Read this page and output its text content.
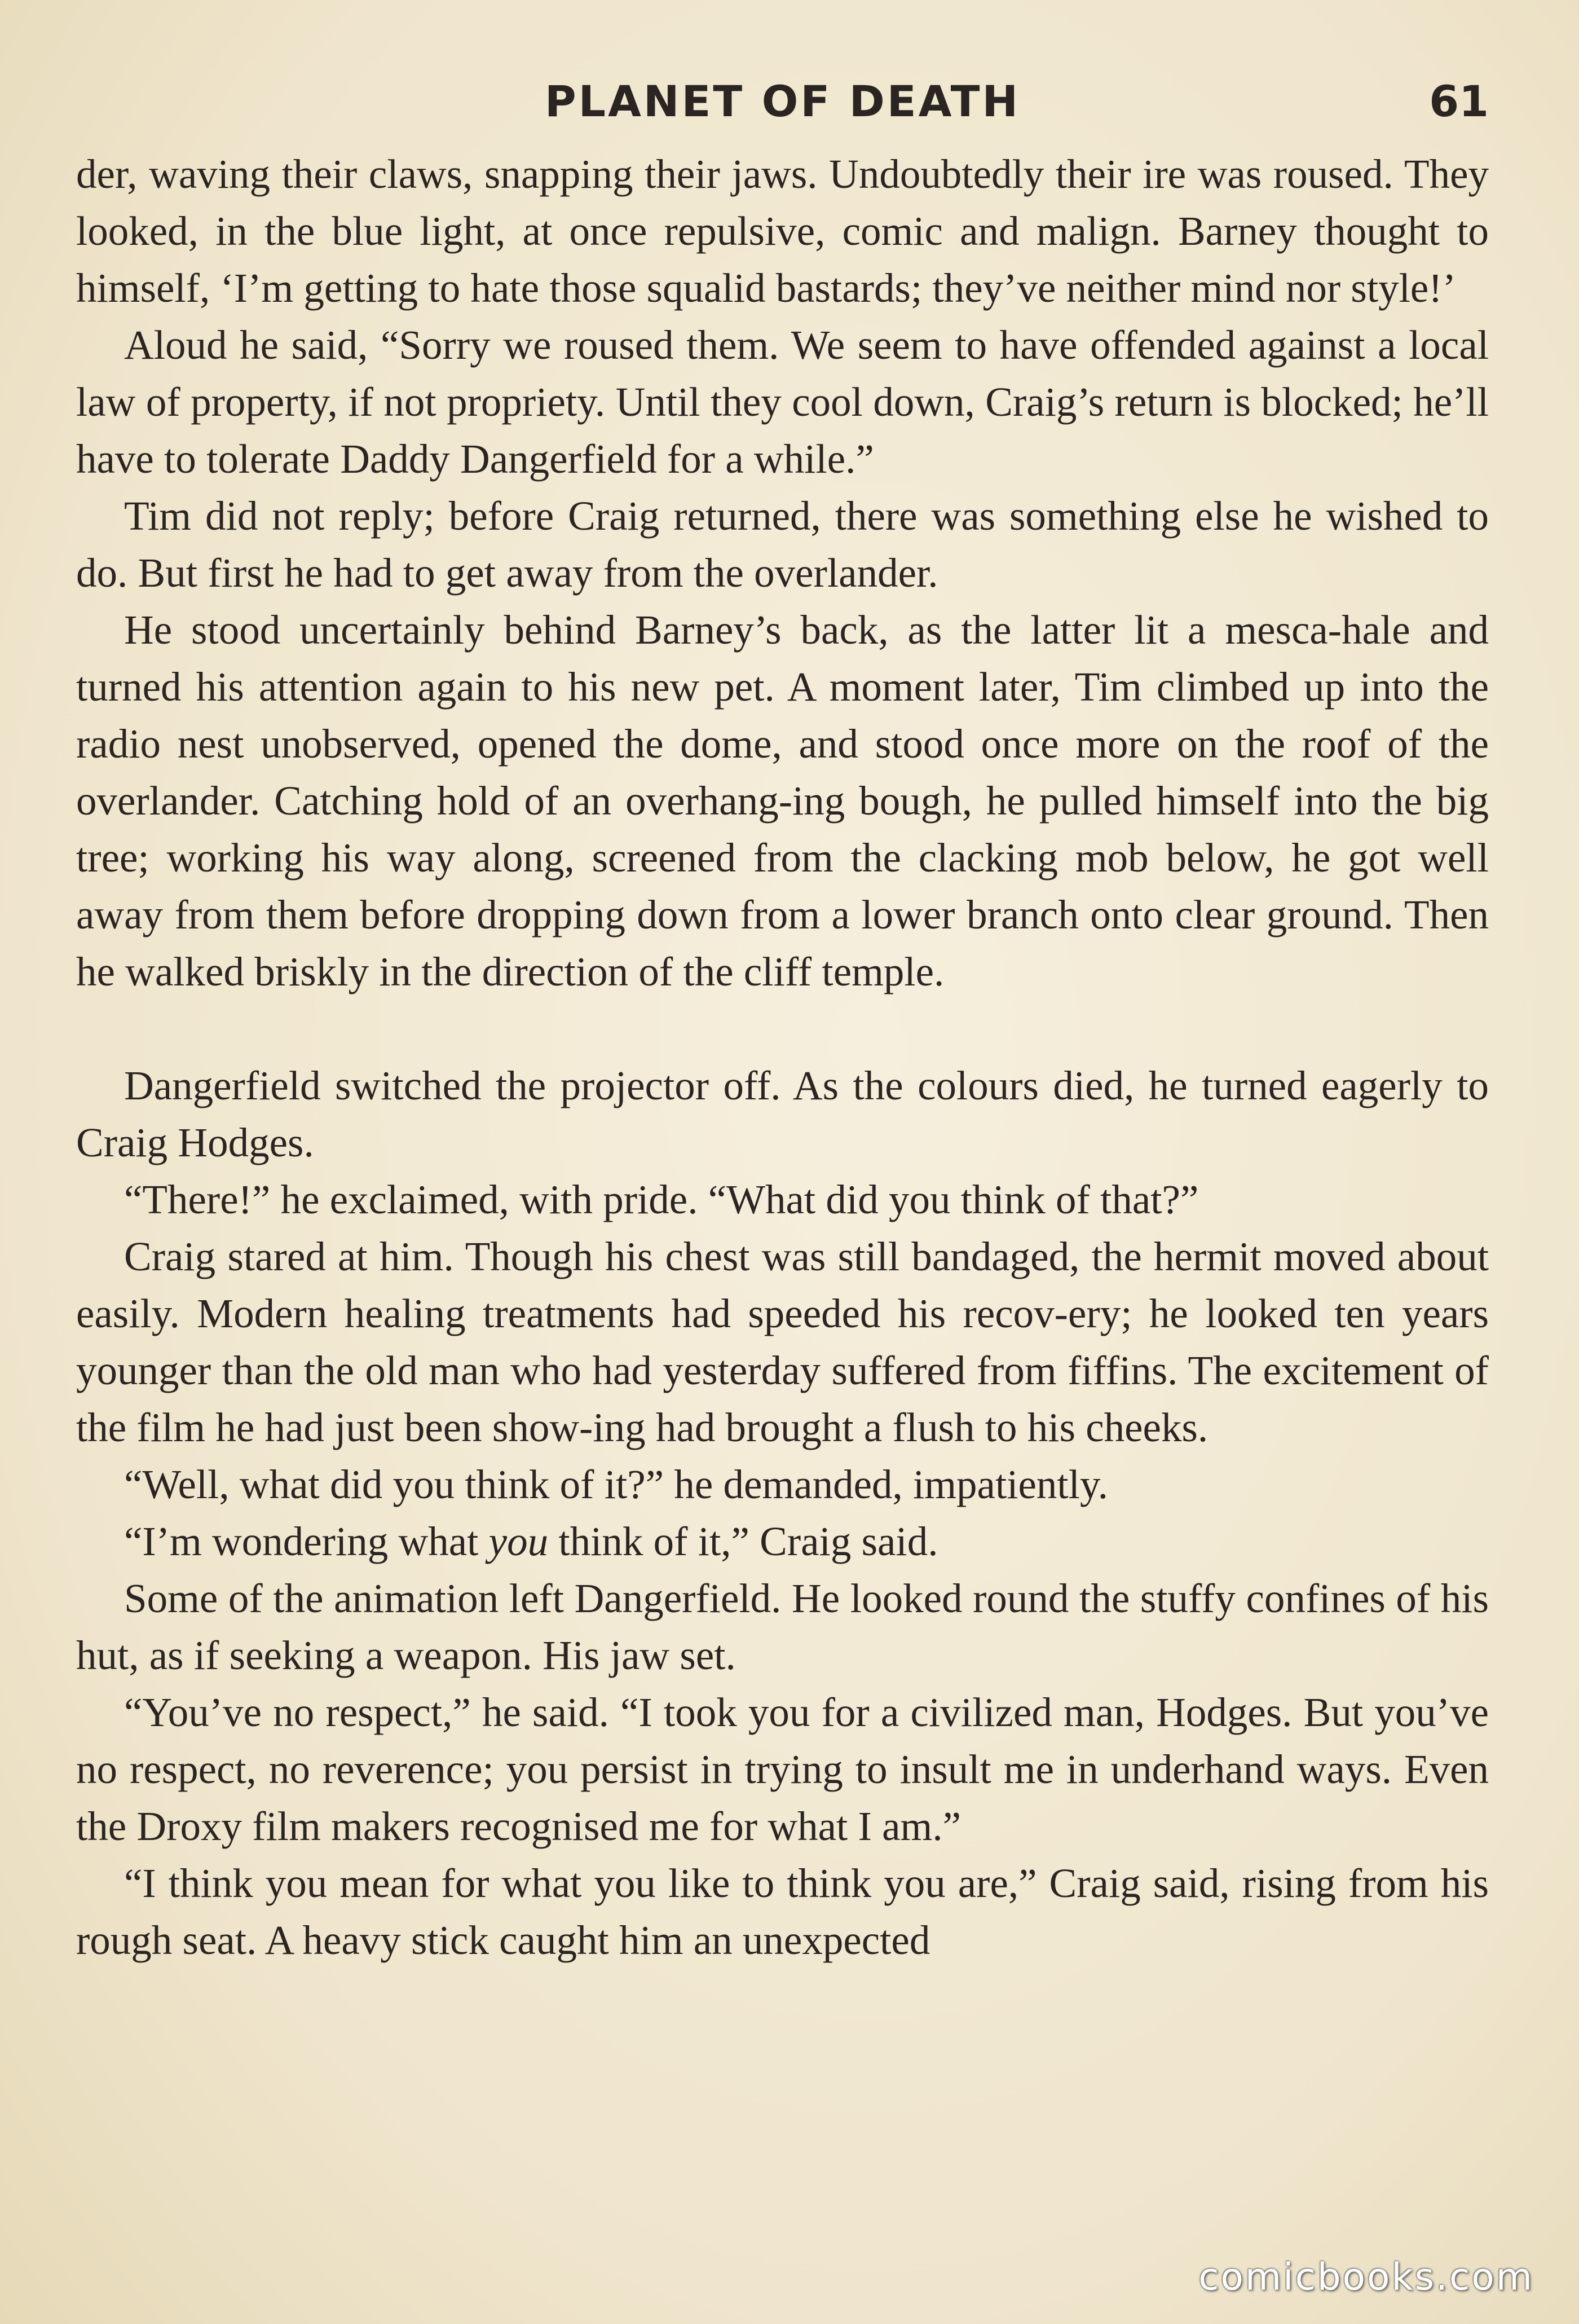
PLANET OF DEATH	61

der, waving their claws, snapping their jaws. Undoubtedly their ire was roused. They looked, in the blue light, at once repulsive, comic and malign. Barney thought to himself, ‘I’m getting to hate those squalid bastards; they’ve neither mind nor style!’

Aloud he said, “Sorry we roused them. We seem to have offended against a local law of property, if not propriety. Until they cool down, Craig’s return is blocked; he’ll have to tolerate Daddy Dangerfield for a while.”

Tim did not reply; before Craig returned, there was something else he wished to do. But first he had to get away from the overlander.

He stood uncertainly behind Barney’s back, as the latter lit a mesca-hale and turned his attention again to his new pet. A moment later, Tim climbed up into the radio nest unobserved, opened the dome, and stood once more on the roof of the overlander. Catching hold of an overhang-ing bough, he pulled himself into the big tree; working his way along, screened from the clacking mob below, he got well away from them before dropping down from a lower branch onto clear ground. Then he walked briskly in the direction of the cliff temple.

Dangerfield switched the projector off. As the colours died, he turned eagerly to Craig Hodges.

“There!” he exclaimed, with pride. “What did you think of that?”

Craig stared at him. Though his chest was still bandaged, the hermit moved about easily. Modern healing treatments had speeded his recov-ery; he looked ten years younger than the old man who had yesterday suffered from fiffins. The excitement of the film he had just been show-ing had brought a flush to his cheeks.

“Well, what did you think of it?” he demanded, impatiently.

“I’m wondering what you think of it,” Craig said.

Some of the animation left Dangerfield. He looked round the stuffy confines of his hut, as if seeking a weapon. His jaw set.

“You’ve no respect,” he said. “I took you for a civilized man, Hodges. But you’ve no respect, no reverence; you persist in trying to insult me in underhand ways. Even the Droxy film makers recognised me for what I am.”

“I think you mean for what you like to think you are,” Craig said, rising from his rough seat. A heavy stick caught him an unexpected

comicbooks.com
